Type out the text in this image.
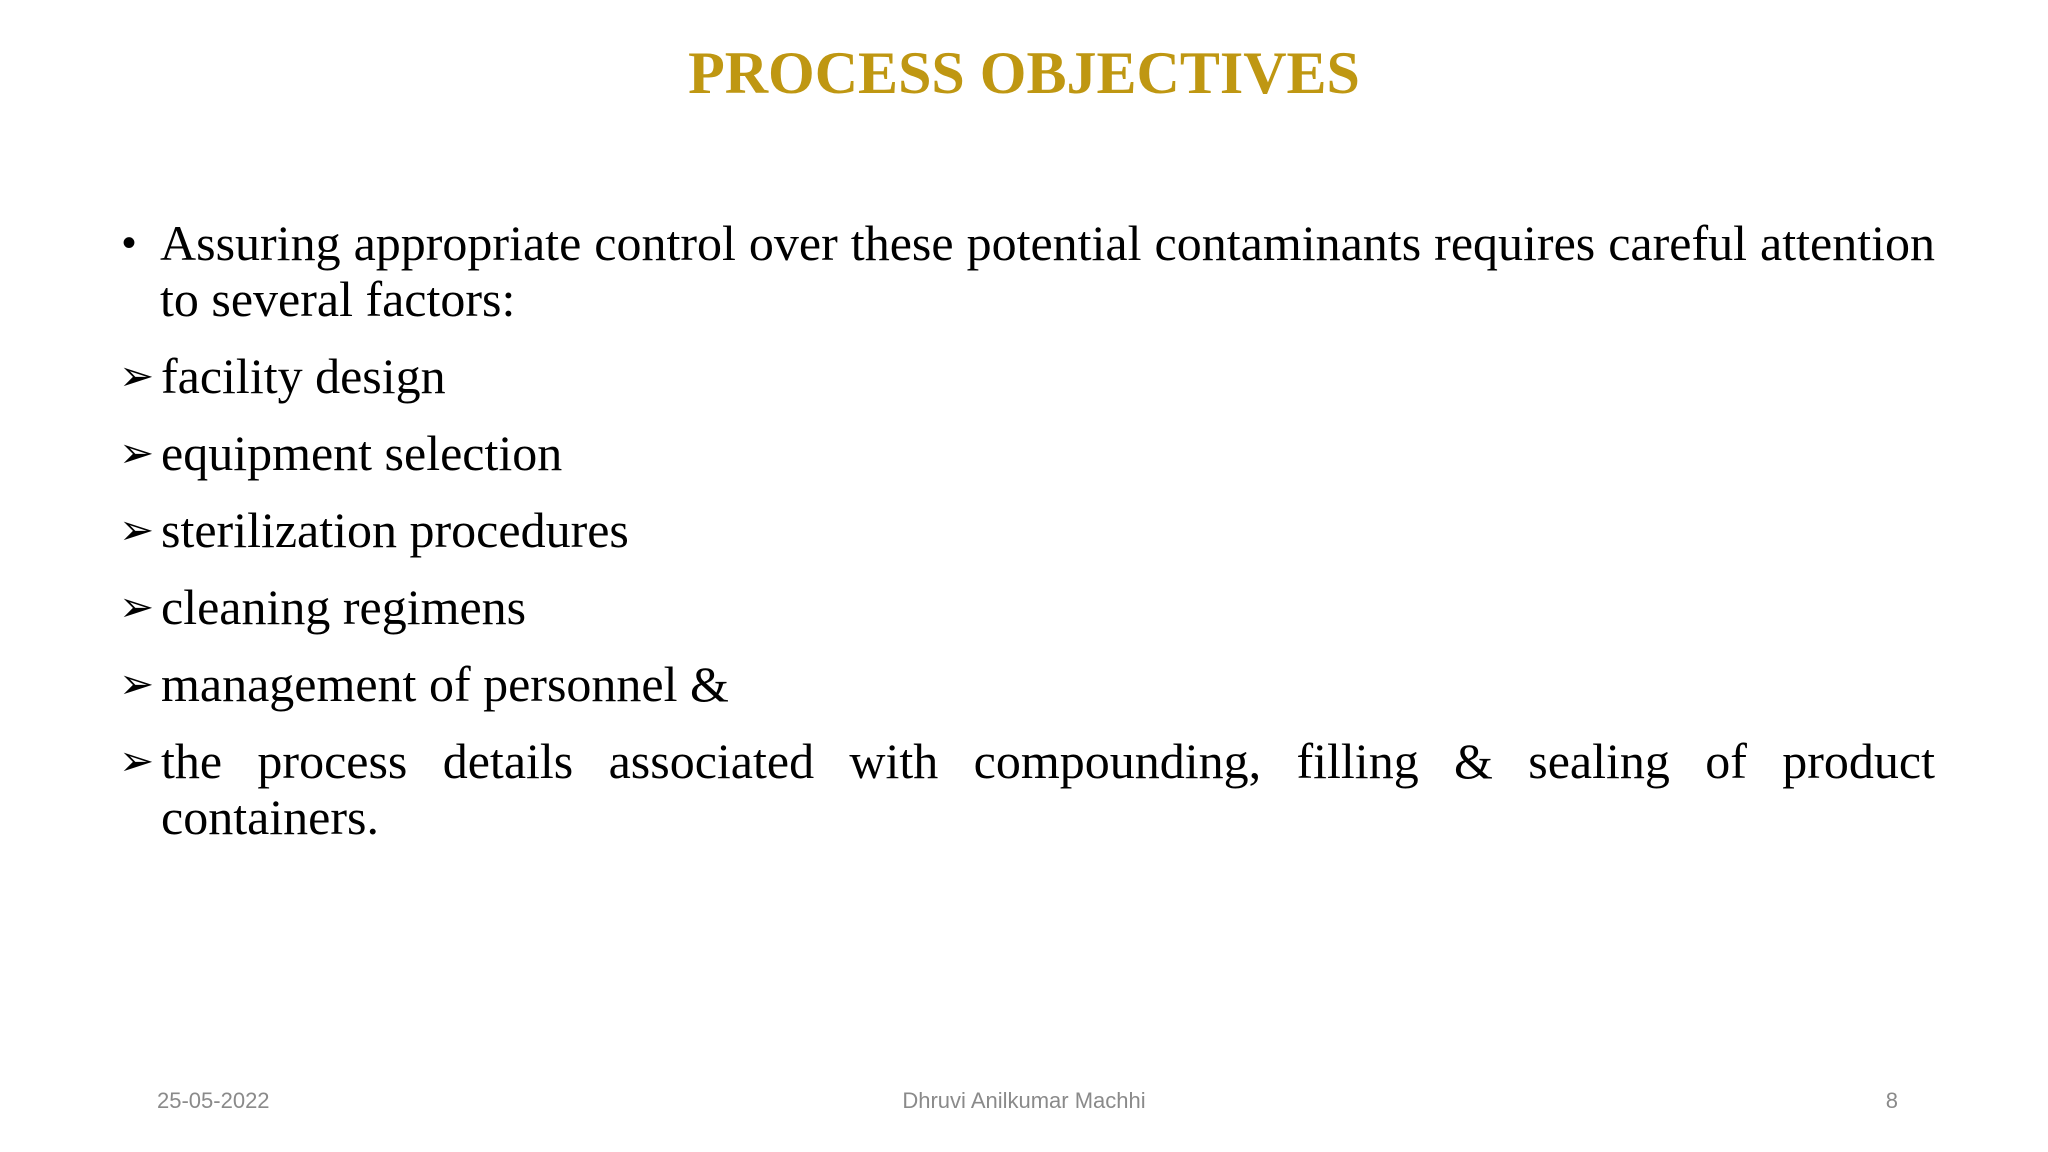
PROCESS OBJECTIVES
• Assuring appropriate control over these potential contaminants requires careful attention to several factors:
➢ facility design
➢ equipment selection
➢ sterilization procedures
➢ cleaning regimens
➢ management of personnel &
➢ the process details associated with compounding, filling & sealing of product containers.
Dhruvi Anilkumar Machhi
25-05-2022	8
